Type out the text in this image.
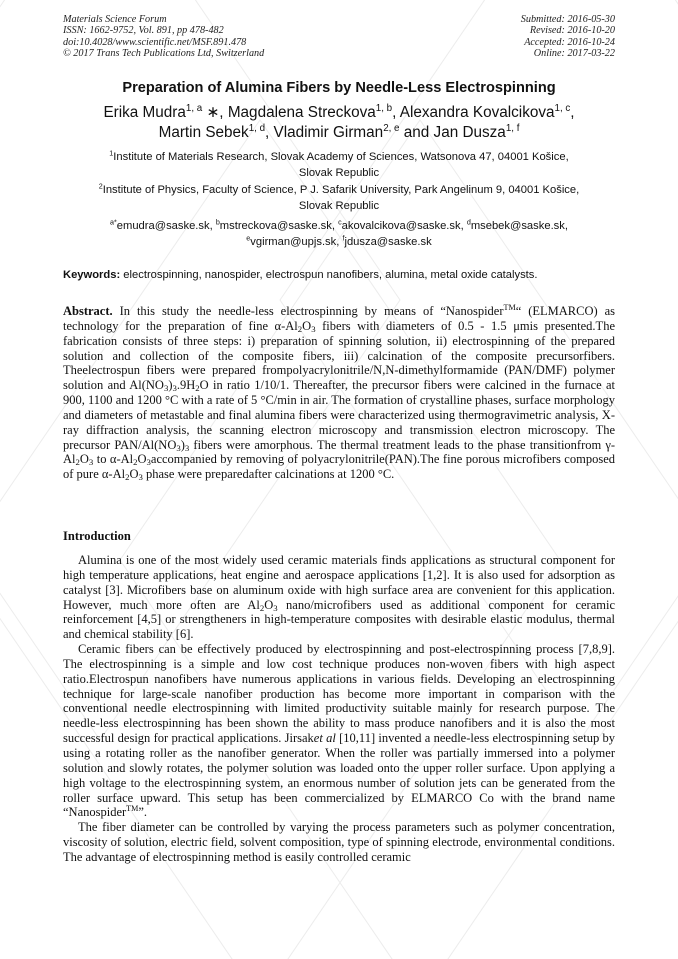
Materials Science Forum
ISSN: 1662-9752, Vol. 891, pp 478-482
doi:10.4028/www.scientific.net/MSF.891.478
© 2017 Trans Tech Publications Ltd, Switzerland
Submitted: 2016-05-30
Revised: 2016-10-20
Accepted: 2016-10-24
Online: 2017-03-22
Preparation of Alumina Fibers by Needle-Less Electrospinning
Erika Mudra$^{1, a}$ ∗, Magdalena Streckova$^{1, b}$, Alexandra Kovalcikova$^{1, c}$,
Martin Sebek$^{1, d}$, Vladimir Girman$^{2, e}$ and Jan Dusza$^{1, f}$
$^1$Institute of Materials Research, Slovak Academy of Sciences, Watsonova 47, 04001 Košice,
Slovak Republic
$^2$Institute of Physics, Faculty of Science, P J. Safarik University, Park Angelinum 9, 04001 Košice,
Slovak Republic
$^{a*}$emudra@saske.sk, $^b$mstreckova@saske.sk, $^c$akovalcikova@saske.sk, $^d$msebek@saske.sk,
$^e$vgirman@upjs.sk, $^f$jdusza@saske.sk
Keywords: electrospinning, nanospider, electrospun nanofibers, alumina, metal oxide catalysts.

Abstract. In this study the needle-less electrospinning by means of “Nanospider™“ (ELMARCO) as technology for the preparation of fine $\alpha-Al_2O_3$ fibers with diameters of 0.5 - 1.5 μmis presented.The fabrication consists of three steps: i) preparation of spinning solution, ii) electrospinning of the prepared solution and collection of the composite fibers, iii) calcination of the composite precursorfibers. Theelectrospun fibers were prepared frompolyacrylonitrile/N,N-dimethylformamide (PAN/DMF) polymer solution and $Al(NO_3)_3.9H_2O$ in ratio 1/10/1. Thereafter, the precursor fibers were calcined in the furnace at 900, 1100 and 1200 °C with a rate of 5 °C/min in air. The formation of crystalline phases, surface morphology and diameters of metastable and final alumina fibers were characterized using thermogravimetric analysis, X-ray diffraction analysis, the scanning electron microscopy and transmission electron microscopy. The precursor PAN/$Al(NO_3)_3$ fibers were amorphous. The thermal treatment leads to the phase transitionfrom $\gamma-Al_2O_3$ to $\alpha-Al_2O_3accompanied$ by removing of polyacrylonitrile(PAN).The fine porous microfibers composed of pure $\alpha-Al_2O_3$ phase were preparedafter calcinations at 1200 °C.

Introduction

Alumina is one of the most widely used ceramic materials finds applications as structural component for high temperature applications, heat engine and aerospace applications [1,2]. It is also used for adsorption as catalyst [3]. Microfibers base on aluminum oxide with high surface area are convenient for this application. However, much more often are $Al_2O_3$ nano/microfibers used as additional component for ceramic reinforcement [4,5] or strengtheners in high-temperature composites with desirable elastic modulus, thermal and chemical stability [6].

Ceramic fibers can be effectively produced by electrospinning and post-electrospinning process [7,8,9]. The electrospinning is a simple and low cost technique produces non-woven fibers with high aspect ratio.Electrospun nanofibers have numerous applications in various fields. Developing an electrospinning technique for large-scale nanofiber production has become more important in comparison with the conventional needle electrospinning with limited productivity suitable mainly for research purpose. The needle-less electrospinning has been shown the ability to mass produce nanofibers and it is also the most successful design for practical applications. Jirsaket al [10,11] invented a needle-less electrospinning setup by using a rotating roller as the nanofiber generator. When the roller was partially immersed into a polymer solution and slowly rotates, the polymer solution was loaded onto the upper roller surface. Upon applying a high voltage to the electrospinning system, an enormous number of solution jets can be generated from the roller surface upward. This setup has been commercialized by ELMARCO Co with the brand name “Nanospider™”.

The fiber diameter can be controlled by varying the process parameters such as polymer concentration, viscosity of solution, electric field, solvent composition, type of spinning electrode, environmental conditions. The advantage of electrospinning method is easily controlled ceramic
